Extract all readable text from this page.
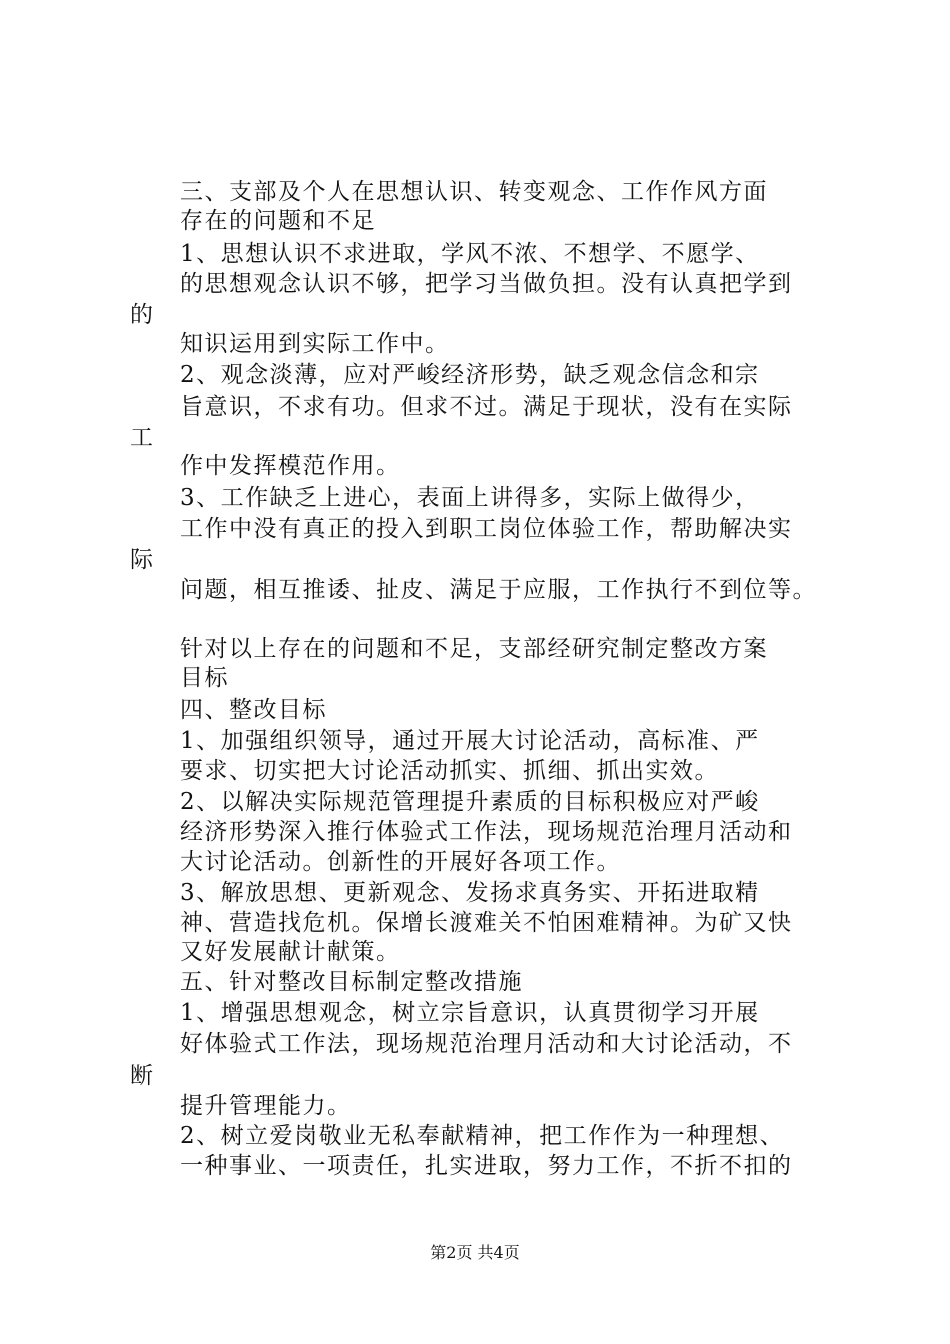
三、支部及个人在思想认识、转变观念、工作作风方面
存在的问题和不足
1、思想认识不求进取，学风不浓、不想学、不愿学、
的思想观念认识不够，把学习当做负担。没有认真把学到
的
知识运用到实际工作中。
2、观念淡薄，应对严峻经济形势，缺乏观念信念和宗
旨意识，不求有功。但求不过。满足于现状，没有在实际
工
作中发挥模范作用。
3、工作缺乏上进心，表面上讲得多，实际上做得少，
工作中没有真正的投入到职工岗位体验工作，帮助解决实
际
问题，相互推诿、扯皮、满足于应服，工作执行不到位等。
针对以上存在的问题和不足，支部经研究制定整改方案
目标
四、整改目标
1、加强组织领导，通过开展大讨论活动，高标准、严
要求、切实把大讨论活动抓实、抓细、抓出实效。
2、以解决实际规范管理提升素质的目标积极应对严峻
经济形势深入推行体验式工作法，现场规范治理月活动和
大讨论活动。创新性的开展好各项工作。
3、解放思想、更新观念、发扬求真务实、开拓进取精
神、营造找危机。保增长渡难关不怕困难精神。为矿又快
又好发展献计献策。
五、针对整改目标制定整改措施
1、增强思想观念，树立宗旨意识，认真贯彻学习开展
好体验式工作法，现场规范治理月活动和大讨论活动，不
断
提升管理能力。
2、树立爱岗敬业无私奉献精神，把工作作为一种理想、
一种事业、一项责任，扎实进取，努力工作，不折不扣的
第2页 共4页
